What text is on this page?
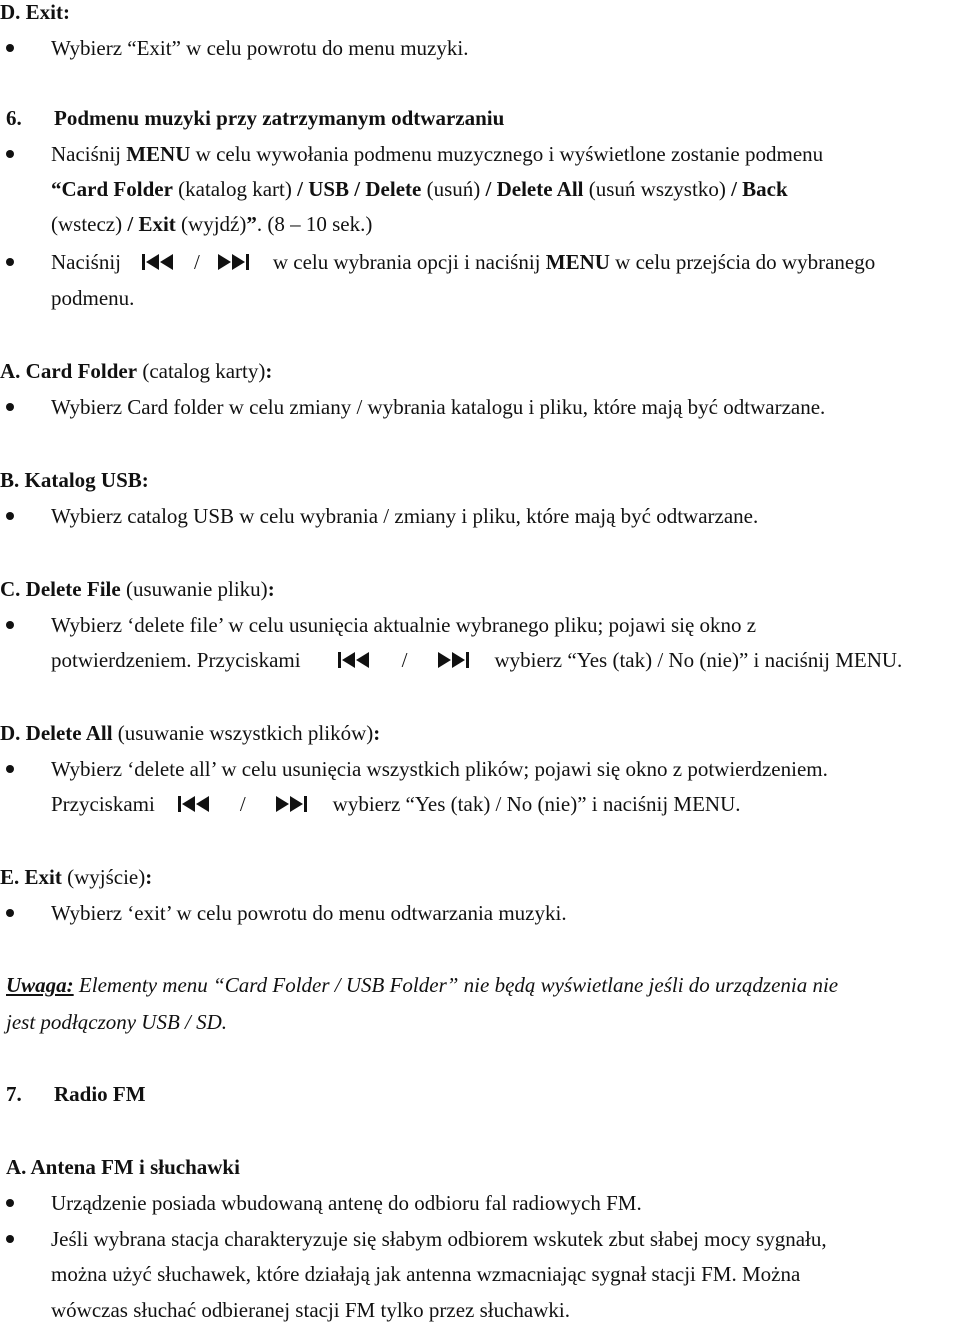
D. Exit:
Wybierz “Exit” w celu powrotu do menu muzyki.
6. Podmenu muzyki przy zatrzymanym odtwarzaniu
Naciśnij MENU w celu wywołania podmenu muzycznego i wyświetlone zostanie podmenu
“Card Folder (katalog kart) / USB / Delete (usuń) / Delete All (usuń wszystko) / Back
(wstecz) / Exit (wyjdź)”. (8 – 10 sek.)
Naciśnij	/	w celu wybrania opcji i naciśnij MENU w celu przejścia do wybranego
podmenu.
A. Card Folder (catalog karty):
Wybierz Card folder w celu zmiany / wybrania katalogu i pliku, które mają być odtwarzane.
B. Katalog USB:
Wybierz catalog USB w celu wybrania / zmiany i pliku, które mają być odtwarzane.
C. Delete File (usuwanie pliku):
Wybierz ‘delete file’ w celu usunięcia aktualnie wybranego pliku; pojawi się okno z
potwierdzeniem. Przyciskami	/	wybierz “Yes (tak) / No (nie)” i naciśnij MENU.
D. Delete All (usuwanie wszystkich plików):
Wybierz ‘delete all’ w celu usunięcia wszystkich plików; pojawi się okno z potwierdzeniem.
Przyciskami	/	wybierz “Yes (tak) / No (nie)” i naciśnij MENU.
E. Exit (wyjście):
Wybierz ‘exit’ w celu powrotu do menu odtwarzania muzyki.
Uwaga: Elementy menu “Card Folder / USB Folder” nie będą wyświetlane jeśli do urządzenia nie
jest podłączony USB / SD.
7. Radio FM
A. Antena FM i słuchawki
Urządzenie posiada wbudowaną antenę do odbioru fal radiowych FM.
Jeśli wybrana stacja charakteryzuje się słabym odbiorem wskutek zbut słabej mocy sygnału,
można użyć słuchawek, które działają jak antenna wzmacniając sygnał stacji FM. Można
wówczas słuchać odbieranej stacji FM tylko przez słuchawki.
